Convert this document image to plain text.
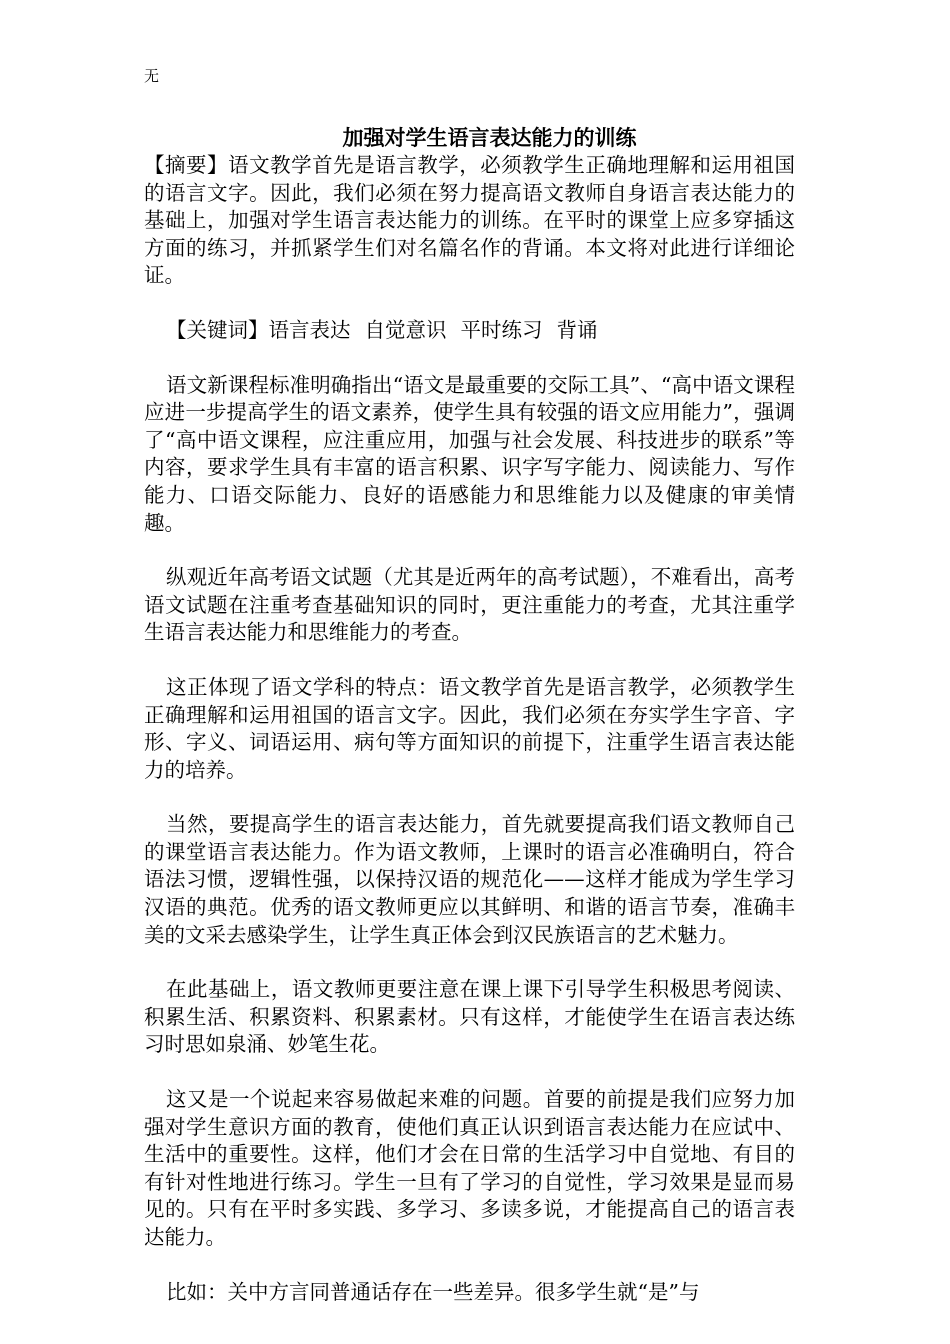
无
加强对学生语言表达能力的训练

【摘要】语文教学首先是语言教学，必须教学生正确地理解和运用祖国的语言文字。因此，我们必须在努力提高语文教师自身语言表达能力的基础上，加强对学生语言表达能力的训练。在平时的课堂上应多穿插这方面的练习，并抓紧学生们对名篇名作的背诵。本文将对此进行详细论证。

【关键词】语言表达 自觉意识 平时练习 背诵

语文新课程标准明确指出“语文是最重要的交际工具”、“高中语文课程应进一步提高学生的语文素养，使学生具有较强的语文应用能力”，强调了“高中语文课程，应注重应用，加强与社会发展、科技进步的联系”等内容，要求学生具有丰富的语言积累、识字写字能力、阅读能力、写作能力、口语交际能力、良好的语感能力和思维能力以及健康的审美情趣。

纵观近年高考语文试题（尤其是近两年的高考试题），不难看出，高考语文试题在注重考查基础知识的同时，更注重能力的考查，尤其注重学生语言表达能力和思维能力的考查。

这正体现了语文学科的特点：语文教学首先是语言教学，必须教学生正确理解和运用祖国的语言文字。因此，我们必须在夯实学生字音、字形、字义、词语运用、病句等方面知识的前提下，注重学生语言表达能力的培养。

当然，要提高学生的语言表达能力，首先就要提高我们语文教师自己的课堂语言表达能力。作为语文教师，上课时的语言必准确明白，符合语法习惯，逻辑性强，以保持汉语的规范化——这样才能成为学生学习汉语的典范。优秀的语文教师更应以其鲜明、和谐的语言节奏，准确丰美的文采去感染学生，让学生真正体会到汉民族语言的艺术魅力。

在此基础上，语文教师更要注意在课上课下引导学生积极思考阅读、积累生活、积累资料、积累素材。只有这样，才能使学生在语言表达练习时思如泉涌、妙笔生花。

这又是一个说起来容易做起来难的问题。首要的前提是我们应努力加强对学生意识方面的教育，使他们真正认识到语言表达能力在应试中、生活中的重要性。这样，他们才会在日常的生活学习中自觉地、有目的有针对性地进行练习。学生一旦有了学习的自觉性，学习效果是显而易见的。只有在平时多实践、多学习、多读多说，才能提高自己的语言表达能力。

比如：关中方言同普通话存在一些差异。很多学生就“是”与
